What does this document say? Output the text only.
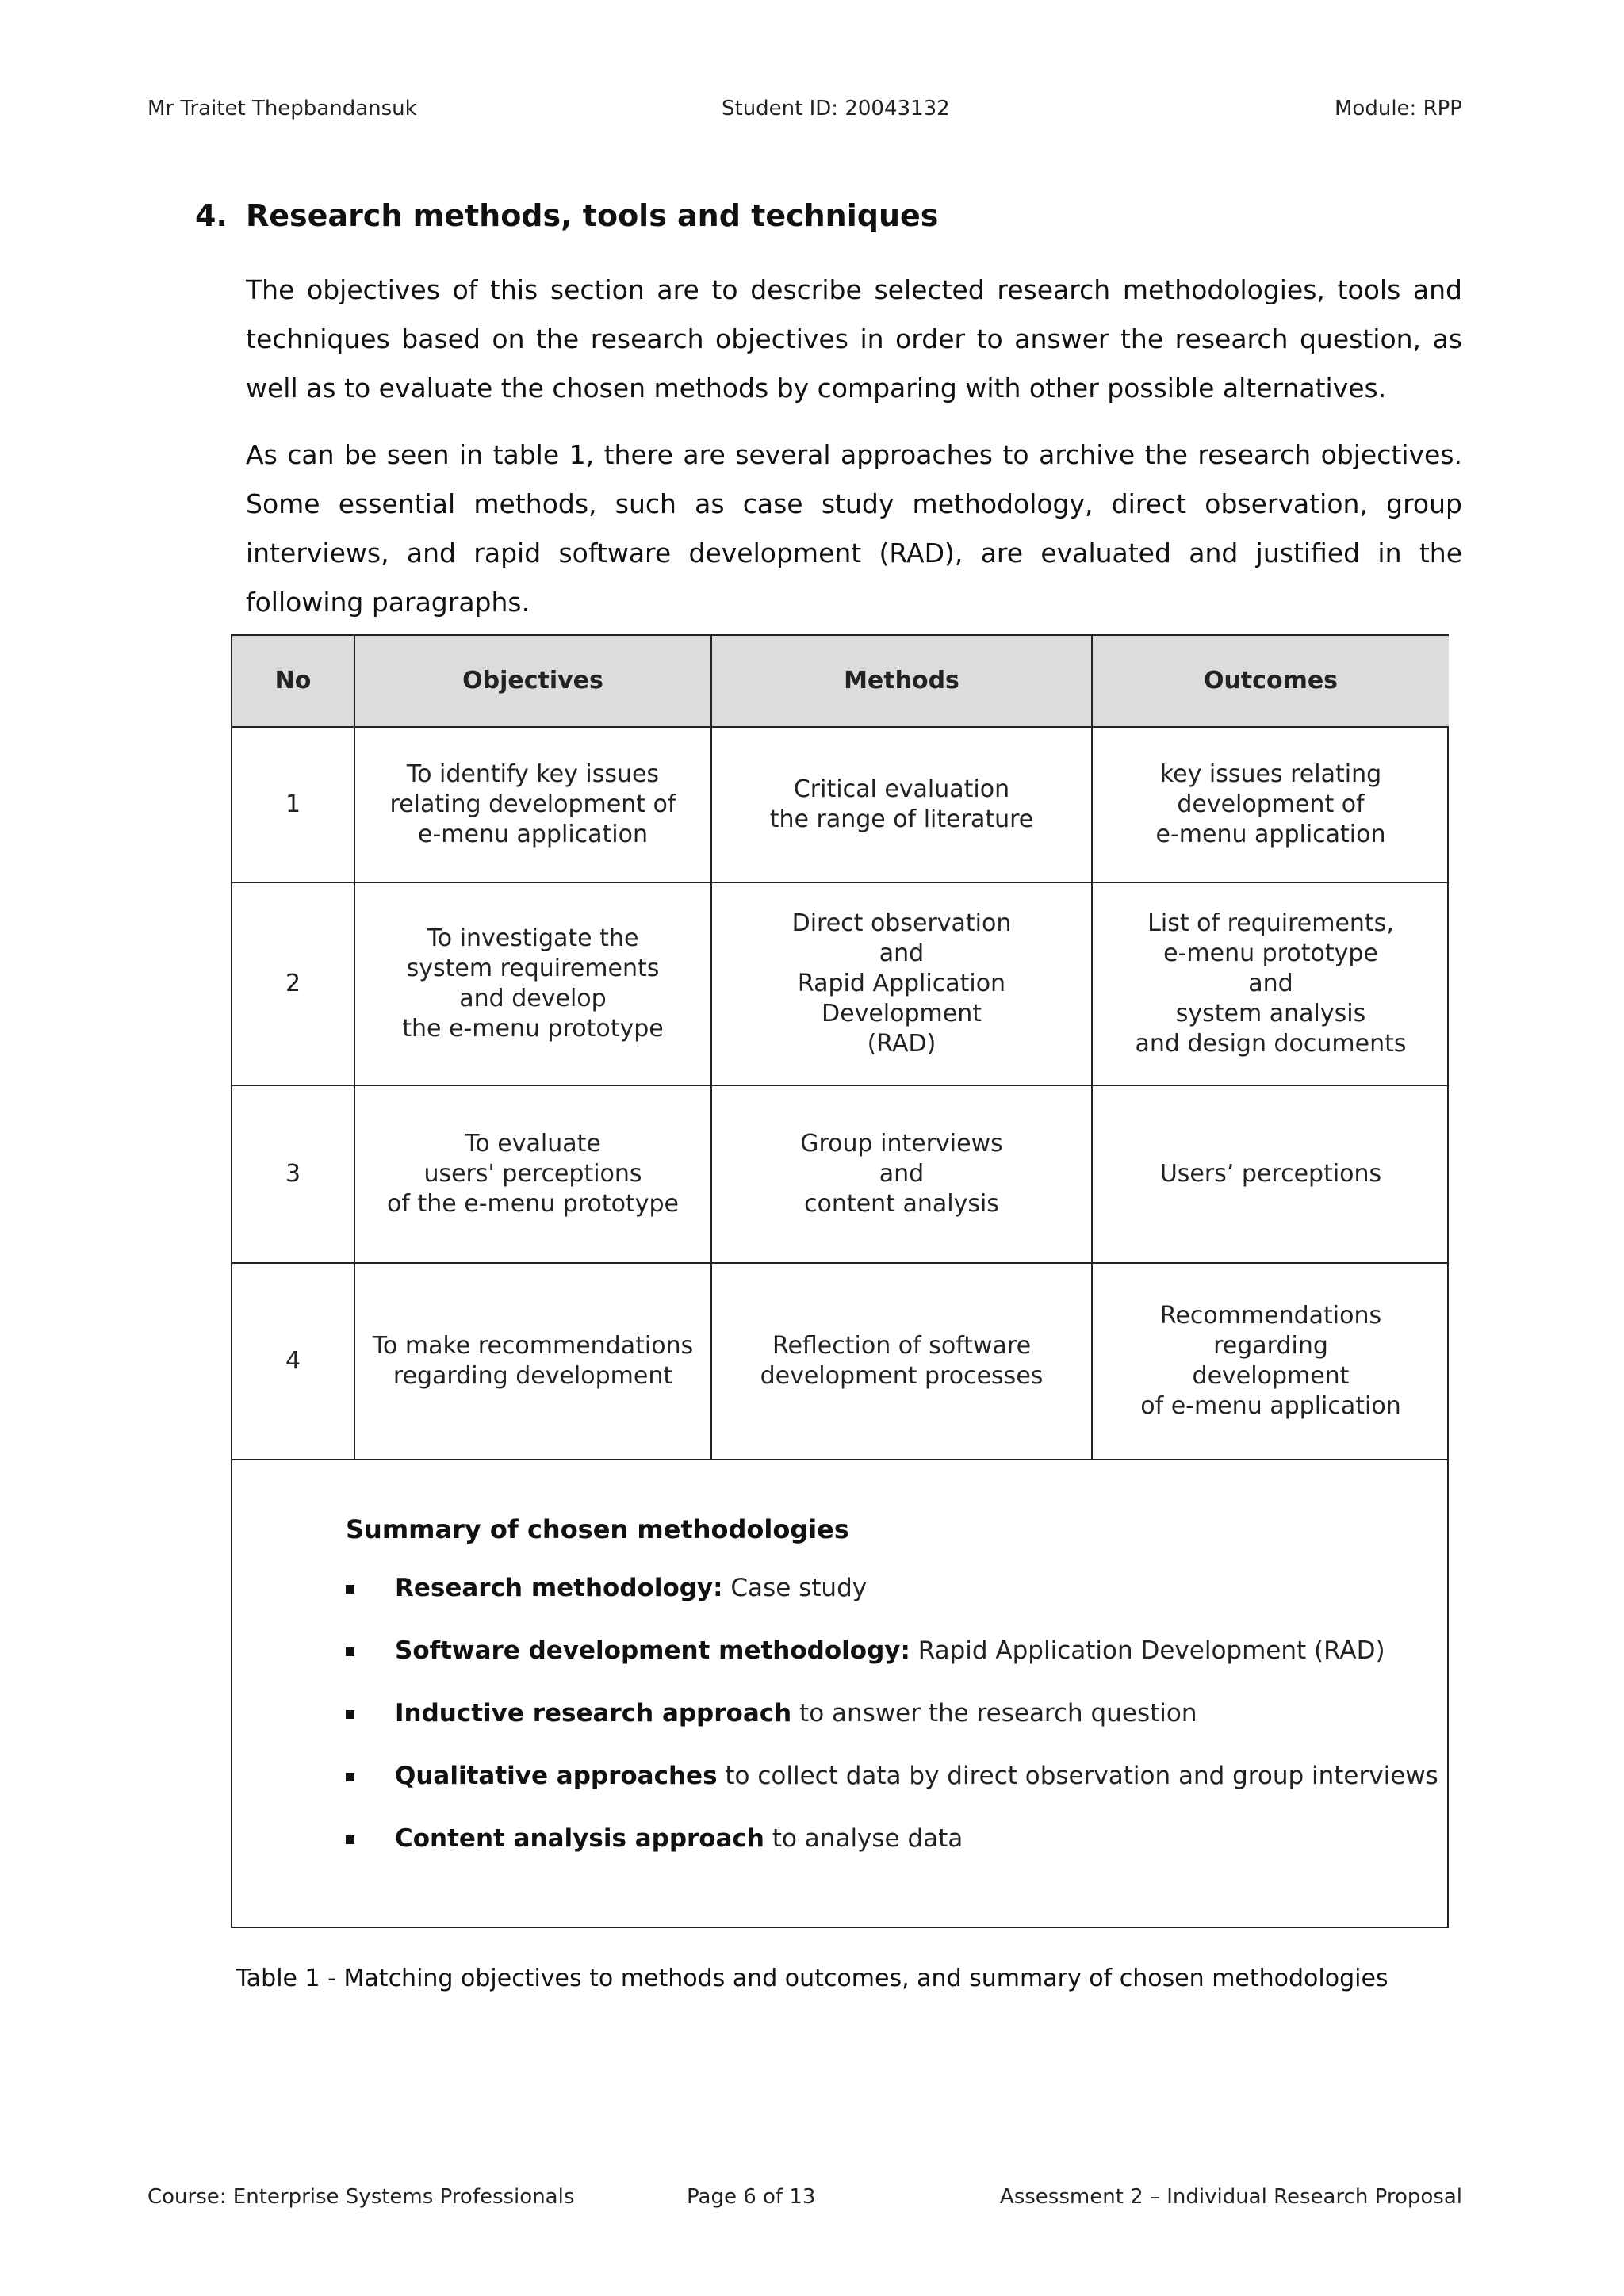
Mr Traitet Thepbandansuk	Student ID: 20043132	Module: RPP
4. Research methods, tools and techniques

The objectives of this section are to describe selected research methodologies, tools and techniques based on the research objectives in order to answer the research question, as well as to evaluate the chosen methods by comparing with other possible alternatives.

As can be seen in table 1, there are several approaches to archive the research objectives. Some essential methods, such as case study methodology, direct observation, group interviews, and rapid software development (RAD), are evaluated and justified in the following paragraphs.

No	Objectives	Methods	Outcomes
1	To identify key issues
relating development of
e-menu application	Critical evaluation
the range of literature	key issues relating
development of
e-menu application

2	To investigate the
system requirements
and develop
the e-menu prototype	Direct observation
and
Rapid Application Development
(RAD)	List of requirements,
e-menu prototype
and
system analysis
and design documents

3	To evaluate
users' perceptions
of the e-menu prototype	Group interviews
and
content analysis	Users’ perceptions

4	To make recommendations
regarding development	Reflection of software
development processes	Recommendations regarding
development
of e-menu application

Summary of chosen methodologies

Research methodology: Case study
Software development methodology: Rapid Application Development (RAD)
Inductive research approach to answer the research question
Qualitative approaches to collect data by direct observation and group interviews
Content analysis approach to analyse data

Table 1 - Matching objectives to methods and outcomes, and summary of chosen methodologies

Course: Enterprise Systems Professionals	Page 6 of 13	Assessment 2 – Individual Research Proposal
